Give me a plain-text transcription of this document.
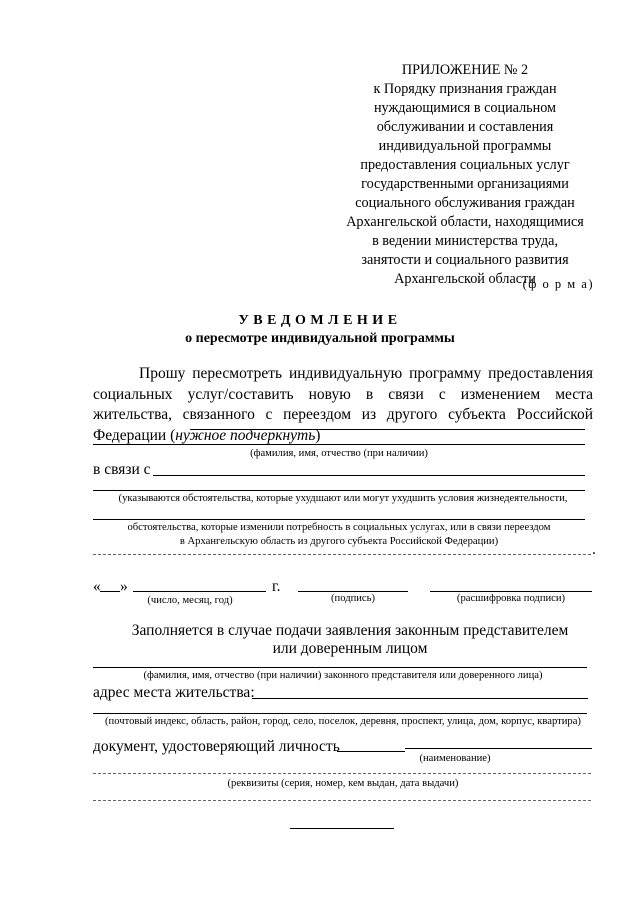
ПРИЛОЖЕНИЕ № 2
к Порядку признания граждан
нуждающимися в социальном
обслуживании и составления
индивидуальной программы
предоставления социальных услуг
государственными организациями
социального обслуживания граждан
Архангельской области, находящимися
в ведении министерства труда,
занятости и социального развития
Архангельской области
(ф о р м а)
УВЕДОМЛЕНИЕ
о пересмотре индивидуальной программы
Прошу пересмотреть индивидуальную программу предоставления социальных услуг/составить новую в связи с изменением места жительства, связанного с переездом из другого субъекта Российской Федерации (нужное подчеркнуть)
(фамилия, имя, отчество (при наличии)
в связи с
(указываются обстоятельства, которые ухудшают или могут ухудшить условия жизнедеятельности,
обстоятельства, которые изменили потребность в социальных услугах, или в связи переездом
в Архангельскую область из другого субъекта Российской Федерации)	.
« »	г.
(число, месяц, год)	(подпись)	(расшифровка подписи)
Заполняется в случае подачи заявления законным представителем
или доверенным лицом
(фамилия, имя, отчество (при наличии) законного представителя или доверенного лица)
адрес места жительства:
(почтовый индекс, область, район, город, село, поселок, деревня, проспект, улица, дом, корпус, квартира)
документ, удостоверяющий личность
(наименование)
(реквизиты (серия, номер, кем выдан, дата выдачи)
